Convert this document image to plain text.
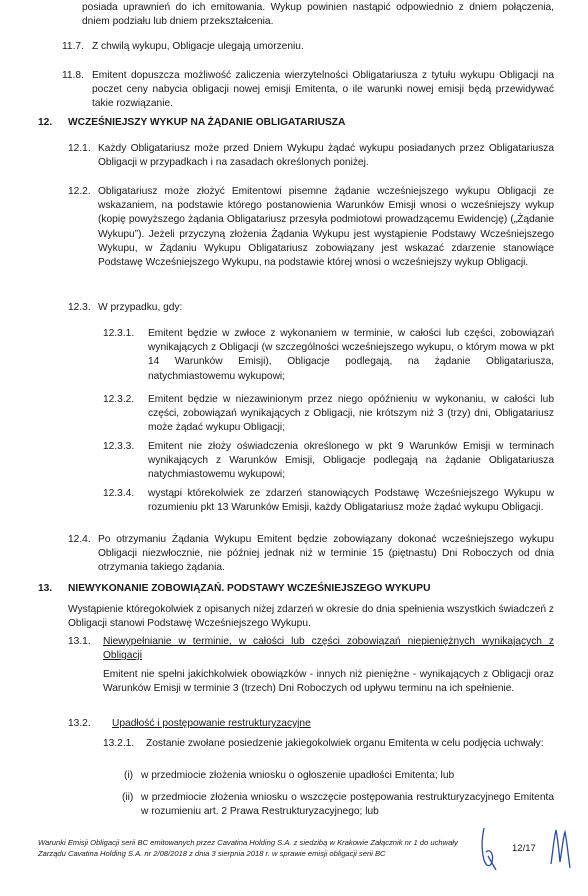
posiada uprawnień do ich emitowania. Wykup powinien nastąpić odpowiednio z dniem połączenia, dniem podziału lub dniem przekształcenia.
11.7. Z chwilą wykupu, Obligacje ulegają umorzeniu.
11.8. Emitent dopuszcza możliwość zaliczenia wierzytelności Obligatariusza z tytułu wykupu Obligacji na poczet ceny nabycia obligacji nowej emisji Emitenta, o ile warunki nowej emisji będą przewidywać takie rozwiązanie.
12. WCZEŚNIEJSZY WYKUP NA ŻĄDANIE OBLIGATARIUSZA
12.1. Każdy Obligatariusz może przed Dniem Wykupu żądać wykupu posiadanych przez Obligatariusza Obligacji w przypadkach i na zasadach określonych poniżej.
12.2. Obligatariusz może złożyć Emitentowi pisemne żądanie wcześniejszego wykupu Obligacji ze wskazaniem, na podstawie którego postanowienia Warunków Emisji wnosi o wcześniejszy wykup (kopię powyższego żądania Obligatariusz przesyła podmiotowi prowadzącemu Ewidencję) („Żądanie Wykupu”). Jeżeli przyczyną złożenia Żądania Wykupu jest wystąpienie Podstawy Wcześniejszego Wykupu, w Żądaniu Wykupu Obligatariusz zobowiązany jest wskazać zdarzenie stanowiące Podstawę Wcześniejszego Wykupu, na podstawie której wnosi o wcześniejszy wykup Obligacji.
12.3. W przypadku, gdy:
12.3.1. Emitent będzie w zwłoce z wykonaniem w terminie, w całości lub części, zobowiązań wynikających z Obligacji (w szczególności wcześniejszego wykupu, o którym mowa w pkt 14 Warunków Emisji), Obligacje podlegają, na żądanie Obligatariusza, natychmiastowemu wykupowi;
12.3.2. Emitent będzie w niezawinionym przez niego opóźnieniu w wykonaniu, w całości lub części, zobowiązań wynikających z Obligacji, nie krótszym niż 3 (trzy) dni, Obligatariusz może żądać wykupu Obligacji;
12.3.3. Emitent nie złoży oświadczenia określonego w pkt 9 Warunków Emisji w terminach wynikających z Warunków Emisji, Obligacje podlegają na żądanie Obligatariusza natychmiastowemu wykupowi;
12.3.4. wystąpi którekolwiek ze zdarzeń stanowiących Podstawę Wcześniejszego Wykupu w rozumieniu pkt 13 Warunków Emisji, każdy Obligatariusz może żądać wykupu Obligacji.
12.4. Po otrzymaniu Żądania Wykupu Emitent będzie zobowiązany dokonać wcześniejszego wykupu Obligacji niezwłocznie, nie później jednak niż w terminie 15 (piętnastu) Dni Roboczych od dnia otrzymania takiego żądania.
13. NIEWYKONANIE ZOBOWIĄZAŃ. PODSTAWY WCZEŚNIEJSZEGO WYKUPU
Wystąpienie któregokolwiek z opisanych niżej zdarzeń w okresie do dnia spełnienia wszystkich świadczeń z Obligacji stanowi Podstawę Wcześniejszego Wykupu.
13.1. Niewypełnianie w terminie, w całości lub części zobowiązań niepieniężnych wynikających z Obligacji
Emitent nie spełni jakichkolwiek obowiązków - innych niż pieniężne - wynikających z Obligacji oraz Warunków Emisji w terminie 3 (trzech) Dni Roboczych od upływu terminu na ich spełnienie.
13.2. Upadłość i postępowanie restrukturyzacyjne
13.2.1. Zostanie zwołane posiedzenie jakiegokolwiek organu Emitenta w celu podjęcia uchwały:
(i) w przedmiocie złożenia wniosku o ogłoszenie upadłości Emitenta; lub
(ii) w przedmiocie złożenia wniosku o wszczęcie postępowania restrukturyzacyjnego Emitenta w rozumieniu art. 2 Prawa Restrukturyzacyjnego; lub
Warunki Emisji Obligacji serii BC emitowanych przez Cavatina Holding S.A. z siedzibą w Krakowie Załącznik nr 1 do uchwały Zarządu Cavatina Holding S.A. nr 2/08/2018 z dnia 3 sierpnia 2018 r. w sprawie emisji obligacji serii BC	12/17
